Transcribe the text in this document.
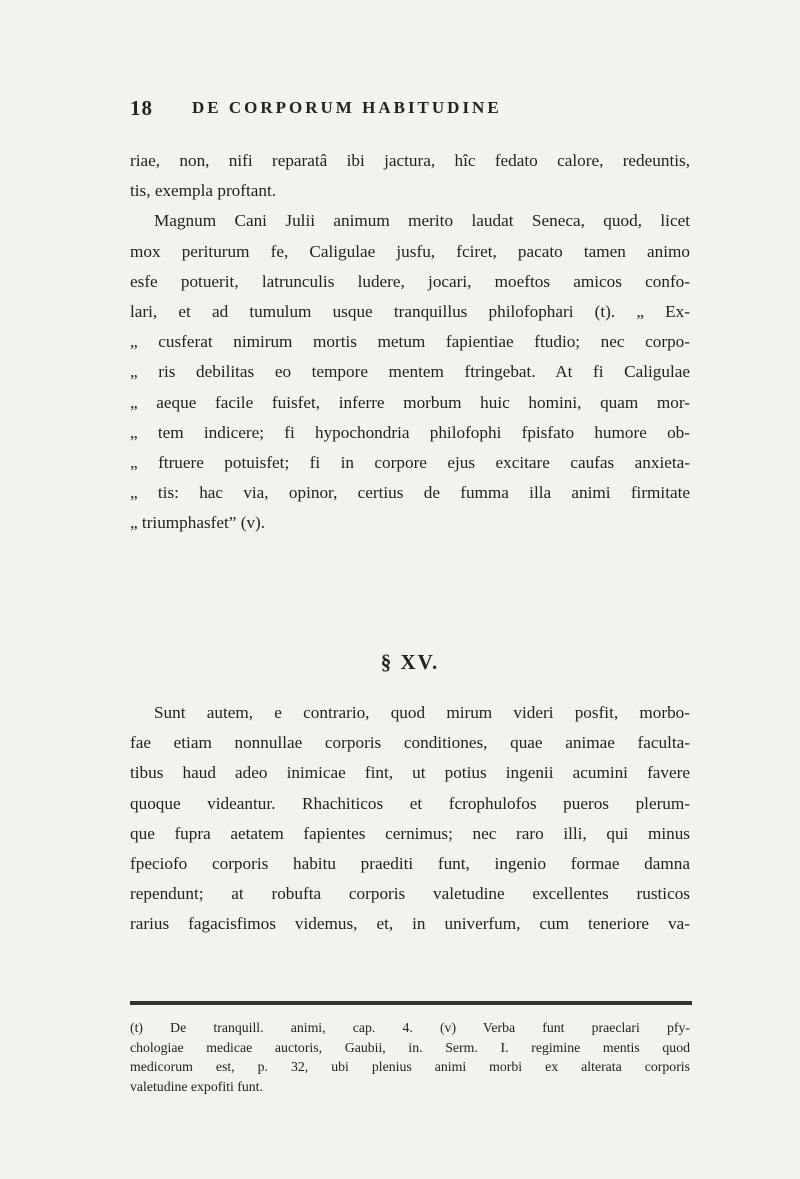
18 DE CORPORUM HABITUDINE
riae, non, nifi reparatâ ibi jactura, hîc fedato calore, redeuntis,
tis, exempla proftant.
Magnum Cani Julii animum merito laudat Seneca, quod, licet
mox periturum fe, Caligulae jusfu, fciret, pacato tamen animo
esfe potuerit, latrunculis ludere, jocari, moeftos amicos confo-
lari, et ad tumulum usque tranquillus philofophari (t). „ Ex-
„ cusferat nimirum mortis metum fapientiae ftudio; nec corpo-
„ ris debilitas eo tempore mentem ftringebat. At fi Caligulae
„ aeque facile fuisfet, inferre morbum huic homini, quam mor-
„ tem indicere; fi hypochondria philofophi fpisfato humore ob-
„ ftruere potuisfet; fi in corpore ejus excitare caufas anxieta-
„ tis: hac via, opinor, certius de fumma illa animi firmitate
„ triumphasfet” (v).
§ XV.
Sunt autem, e contrario, quod mirum videri posfit, morbo-
fae etiam nonnullae corporis conditiones, quae animae faculta-
tibus haud adeo inimicae fint, ut potius ingenii acumini favere
quoque videantur. Rhachiticos et fcrophulofos pueros plerum-
que fupra aetatem fapientes cernimus; nec raro illi, qui minus
fpeciofo corporis habitu praediti funt, ingenio formae damna
rependunt; at robufta corporis valetudine excellentes rusticos
rarius fagacisfimos videmus, et, in univerfum, cum teneriore va-
(t) De tranquill. animi, cap. 4. (v) Verba funt praeclari pfy-
chologiae medicae auctoris, Gaubii, in. Serm. I. regimine mentis quod
medicorum est, p. 32, ubi plenius animi morbi ex alterata corporis
valetudine expofiti funt.
